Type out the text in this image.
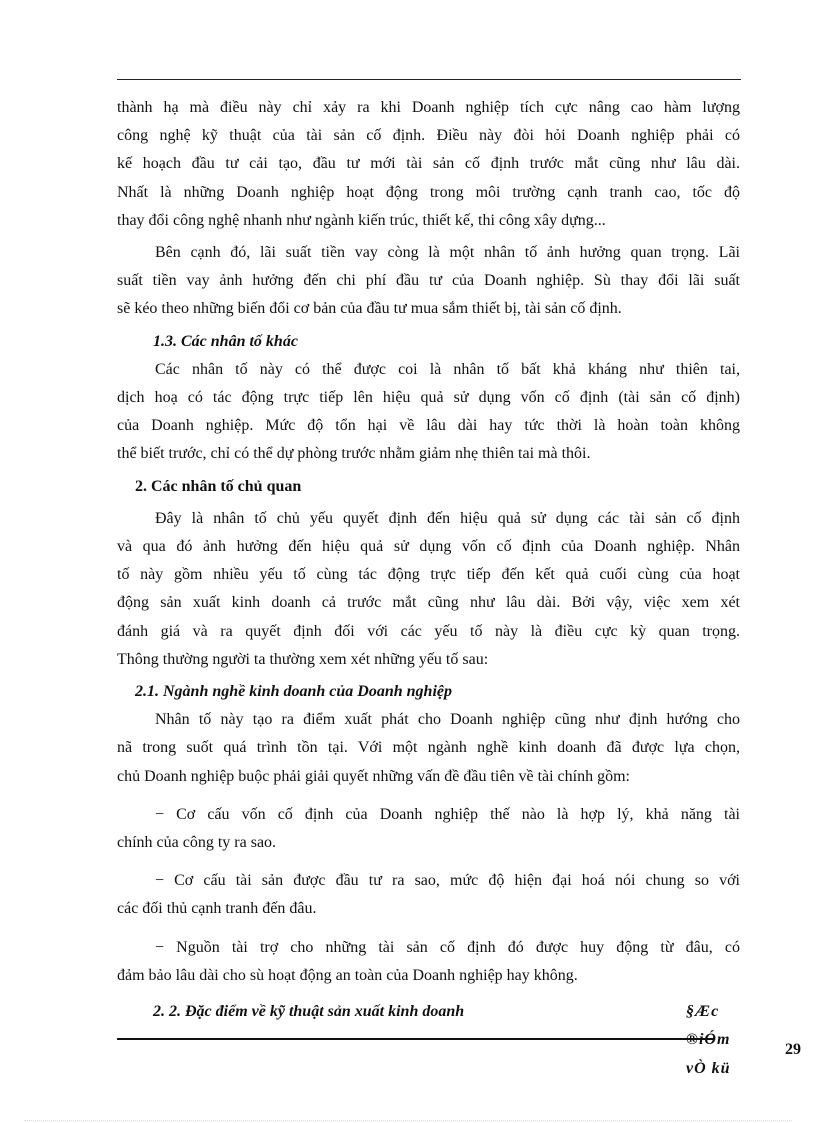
thành hạ mà điều này chỉ xảy ra khi Doanh nghiệp tích cực nâng cao hàm lượng
công nghệ kỹ thuật của tài sản cố định. Điều này đòi hỏi Doanh nghiệp phải có
kế hoạch đầu tư cải tạo, đầu tư mới tài sản cố định trước mắt cũng như lâu dài.
Nhất là những Doanh nghiệp hoạt động trong môi trường cạnh tranh cao, tốc độ
thay đổi công nghệ nhanh như ngành kiến trúc, thiết kế, thi công xây dựng...
Bên cạnh đó, lãi suất tiền vay còng là một nhân tố ảnh hưởng quan trọng. Lãi
suất tiền vay ảnh hưởng đến chi phí đầu tư của Doanh nghiệp. Sù thay đổi lãi suất
sẽ kéo theo những biến đổi cơ bản của đầu tư mua sắm thiết bị, tài sản cố định.
1.3. Các nhân tố khác
Các nhân tố này có thể được coi là nhân tố bất khả kháng như thiên tai,
dịch hoạ có tác động trực tiếp lên hiệu quả sử dụng vốn cố định (tài sản cố định)
của Doanh nghiệp. Mức độ tổn hại về lâu dài hay tức thời là hoàn toàn không
thể biết trước, chỉ có thể dự phòng trước nhằm giảm nhẹ thiên tai mà thôi.
2. Các nhân tố chủ quan
Đây là nhân tố chủ yếu quyết định đến hiệu quả sử dụng các tài sản cố định
và qua đó ảnh hưởng đến hiệu quả sử dụng vốn cố định của Doanh nghiệp. Nhân
tố này gồm nhiều yếu tố cùng tác động trực tiếp đến kết quả cuối cùng của hoạt
động sản xuất kinh doanh cả trước mắt cũng như lâu dài. Bởi vậy, việc xem xét
đánh giá và ra quyết định đối với các yếu tố này là điều cực kỳ quan trọng.
Thông thường người ta thường xem xét những yếu tố sau:
2.1. Ngành nghề kinh doanh của Doanh nghiệp
Nhân tố này tạo ra điểm xuất phát cho Doanh nghiệp cũng như định hướng cho
nã trong suốt quá trình tồn tại. Với một ngành nghề kinh doanh đã được lựa chọn,
chủ Doanh nghiệp buộc phải giải quyết những vấn đề đầu tiên về tài chính gồm:
− Cơ cấu vốn cố định của Doanh nghiệp thế nào là hợp lý, khả năng tài
chính của công ty ra sao.
− Cơ cấu tài sản được đầu tư ra sao, mức độ hiện đại hoá nói chung so với
các đối thủ cạnh tranh đến đâu.
− Nguồn tài trợ cho những tài sản cố định đó được huy động từ đâu, có
đảm bảo lâu dài cho sù hoạt động an toàn của Doanh nghiệp hay không.
2. 2. Đặc điểm về kỹ thuật sản xuất kinh doanh	§Æc ®iÓm vÒ kü
29
